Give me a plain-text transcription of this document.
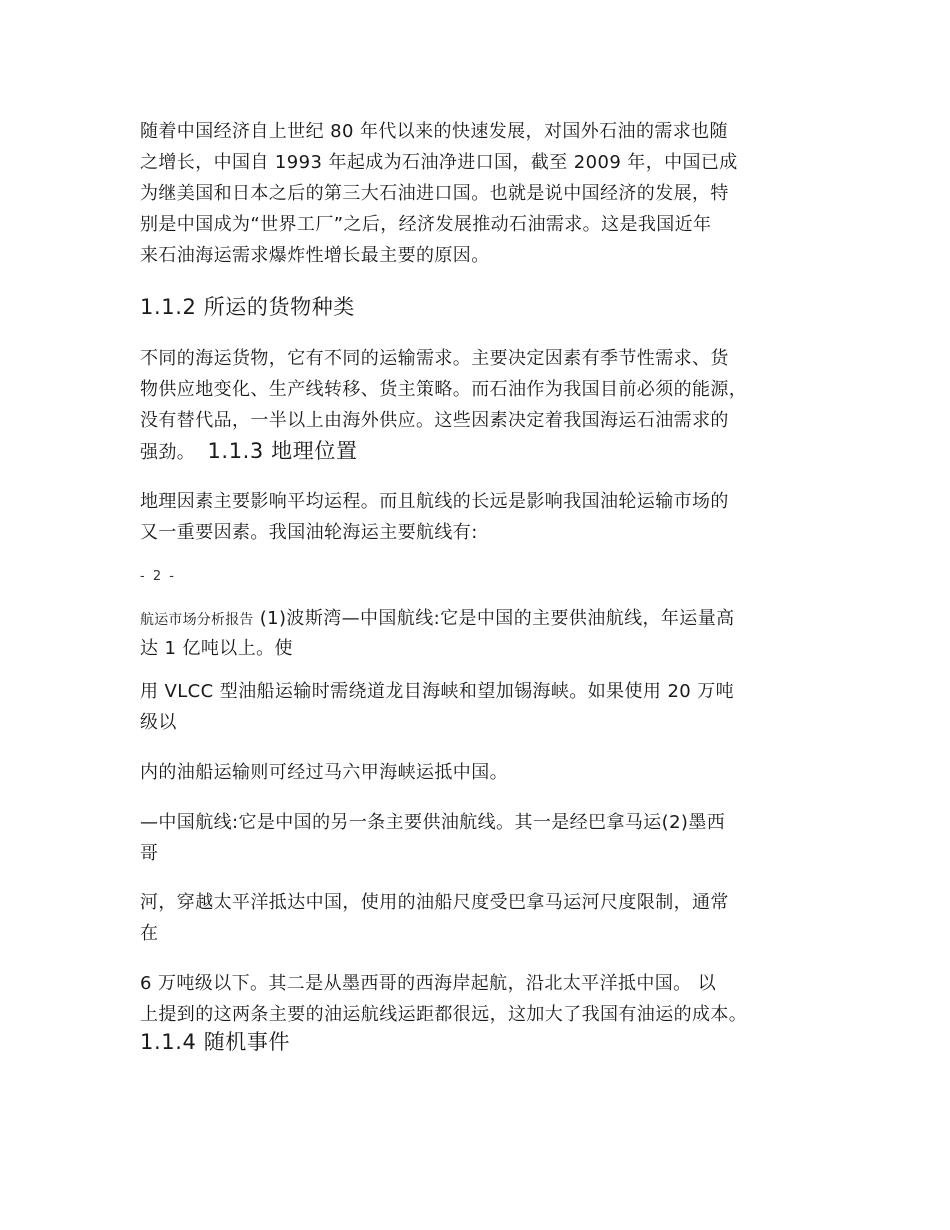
随着中国经济自上世纪 80 年代以来的快速发展，对国外石油的需求也随
之增长，中国自 1993 年起成为石油净进口国，截至 2009 年，中国已成
为继美国和日本之后的第三大石油进口国。也就是说中国经济的发展，特
别是中国成为“世界工厂”之后，经济发展推动石油需求。这是我国近年
来石油海运需求爆炸性增长最主要的原因。

1.1.2 所运的货物种类

不同的海运货物，它有不同的运输需求。主要决定因素有季节性需求、货
物供应地变化、生产线转移、货主策略。而石油作为我国目前必须的能源，
没有替代品，一半以上由海外供应。这些因素决定着我国海运石油需求的
强劲。 1.1.3 地理位置

地理因素主要影响平均运程。而且航线的长远是影响我国油轮运输市场的
又一重要因素。我国油轮海运主要航线有:

- 2 -

航运市场分析报告 (1)波斯湾—中国航线:它是中国的主要供油航线，年运量高
达 1 亿吨以上。使

用 VLCC 型油船运输时需绕道龙目海峡和望加锡海峡。如果使用 20 万吨
级以

内的油船运输则可经过马六甲海峡运抵中国。

—中国航线:它是中国的另一条主要供油航线。其一是经巴拿马运(2)墨西
哥

河，穿越太平洋抵达中国，使用的油船尺度受巴拿马运河尺度限制，通常
在

6 万吨级以下。其二是从墨西哥的西海岸起航，沿北太平洋抵中国。 以
上提到的这两条主要的油运航线运距都很远，这加大了我国有油运的成本。

1.1.4 随机事件
